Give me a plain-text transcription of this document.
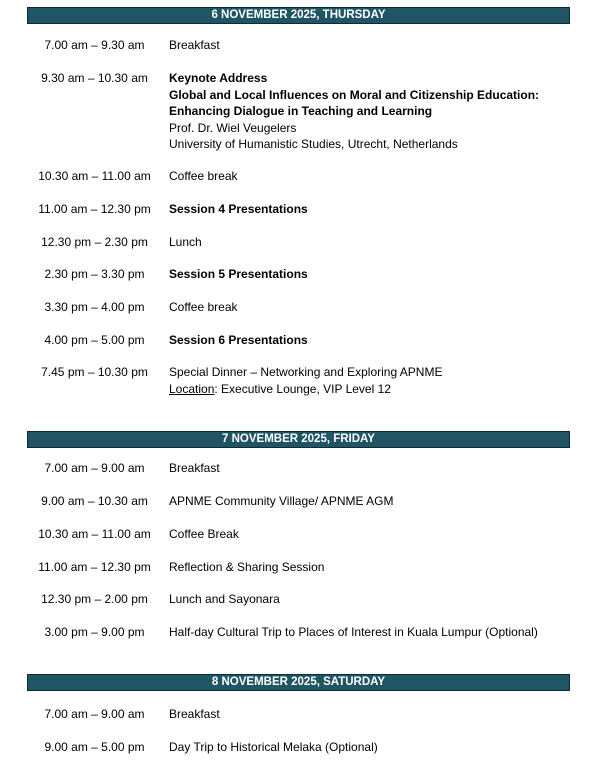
6 NOVEMBER 2025, THURSDAY
7.00 am – 9.30 am	Breakfast
9.30 am – 10.30 am	Keynote Address
Global and Local Influences on Moral and Citizenship Education:
Enhancing Dialogue in Teaching and Learning
Prof. Dr. Wiel Veugelers
University of Humanistic Studies, Utrecht, Netherlands
10.30 am – 11.00 am	Coffee break
11.00 am – 12.30 pm	Session 4 Presentations
12.30 pm – 2.30 pm	Lunch
2.30 pm – 3.30 pm	Session 5 Presentations
3.30 pm – 4.00 pm	Coffee break
4.00 pm – 5.00 pm	Session 6 Presentations
7.45 pm – 10.30 pm	Special Dinner – Networking and Exploring APNME
Location: Executive Lounge, VIP Level 12
7 NOVEMBER 2025, FRIDAY
7.00 am – 9.00 am	Breakfast
9.00 am – 10.30 am	APNME Community Village/ APNME AGM
10.30 am – 11.00 am	Coffee Break
11.00 am – 12.30 pm	Reflection & Sharing Session
12.30 pm – 2.00 pm	Lunch and Sayonara
3.00 pm – 9.00 pm	Half-day Cultural Trip to Places of Interest in Kuala Lumpur (Optional)
8 NOVEMBER 2025, SATURDAY
7.00 am – 9.00 am	Breakfast
9.00 am – 5.00 pm	Day Trip to Historical Melaka (Optional)
